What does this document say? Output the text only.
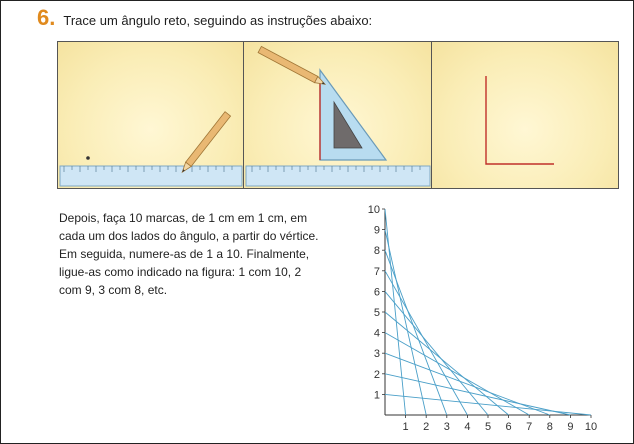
6. Trace um ângulo reto, seguindo as instruções abaixo:
Depois, faça 10 marcas, de 1 cm em 1 cm, em
cada um dos lados do ângulo, a partir do vértice.
Em seguida, numere-as de 1 a 10. Finalmente,
ligue-as como indicado na figura: 1 com 10, 2
com 9, 3 com 8, etc.
1
2
3
4
5
6
7
8
9
10
1 2 3 4 5 6 7 8 9 10
